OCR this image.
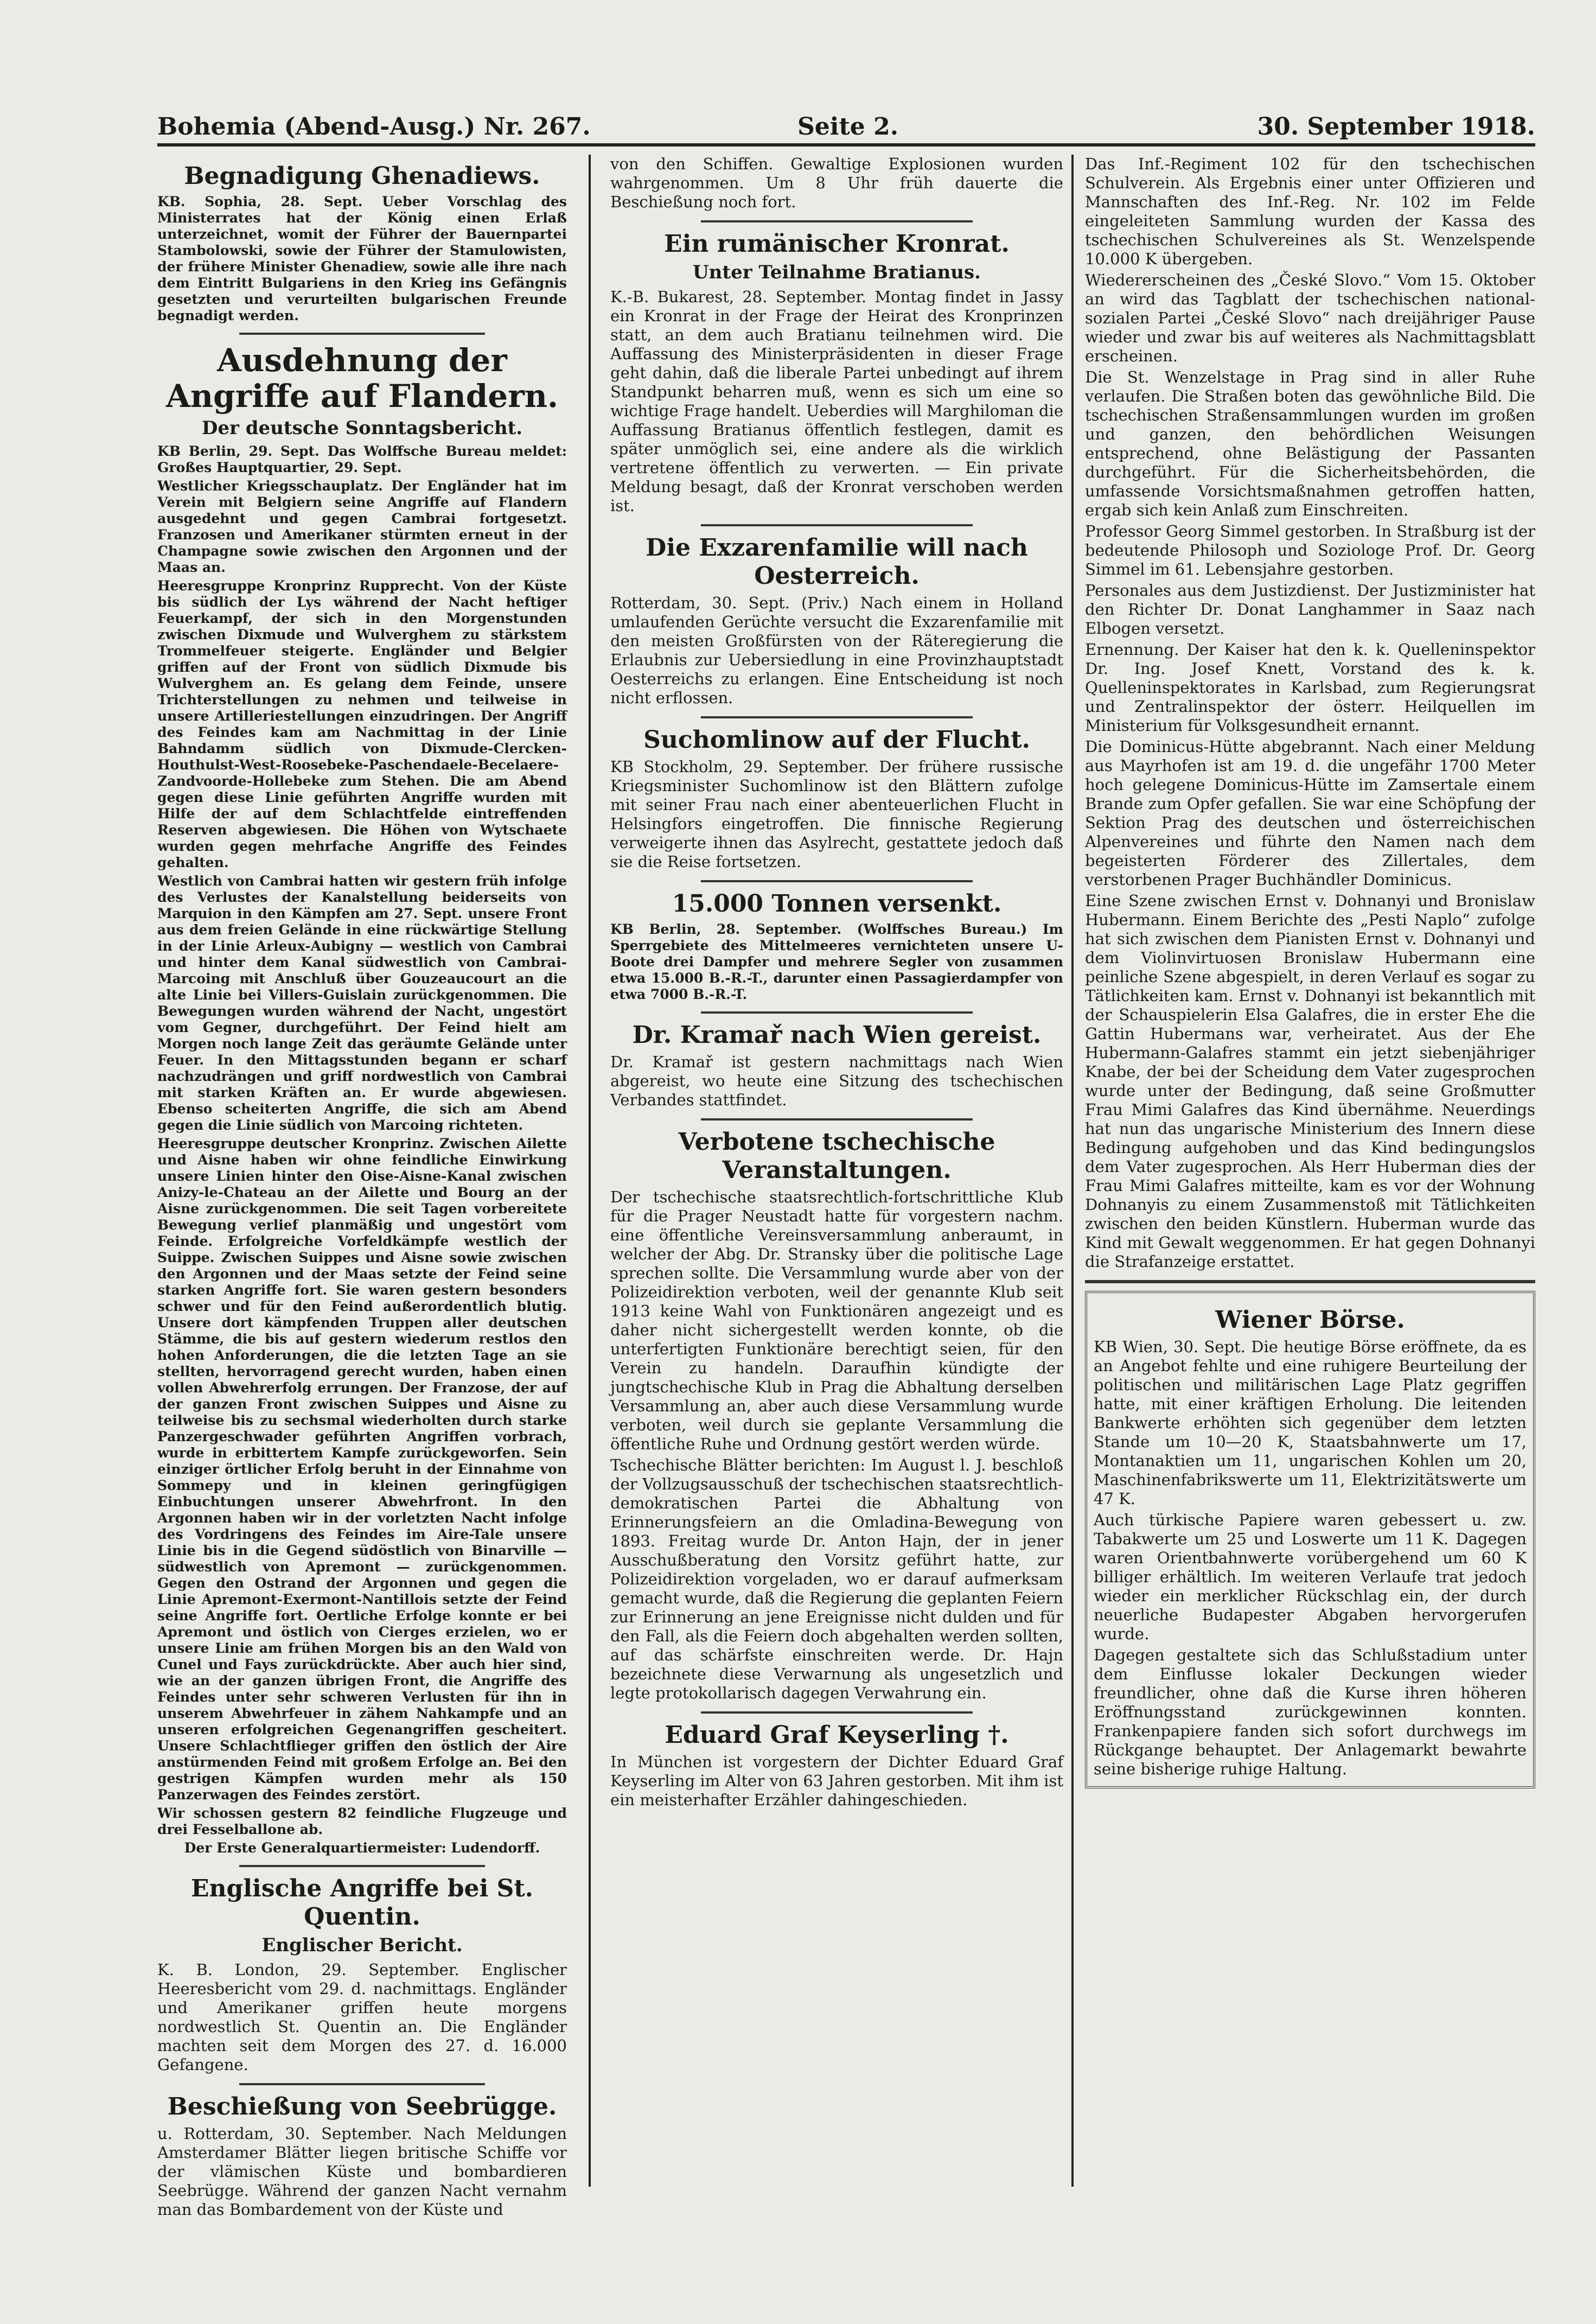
Bohemia (Abend-Ausg.) Nr. 267.	Seite 2.	30. September 1918.
Begnadigung Ghenadiews.

KB. Sophia, 28. Sept. Ueber Vorschlag des Ministerrates hat der König einen Erlaß unterzeichnet, womit der Führer der Bauernpartei Stambolowski, sowie der Führer der Stamulowisten, der frühere Minister Ghenadiew, sowie alle ihre nach dem Eintritt Bulgariens in den Krieg ins Gefängnis gesetzten und verurteilten bulgarischen Freunde begnadigt werden.

Ausdehnung der Angriffe auf Flandern.
Der deutsche Sonntagsbericht.

KB Berlin, 29. Sept. Das Wolffsche Bureau meldet: Großes Hauptquartier, 29. Sept.

Westlicher Kriegsschauplatz. Der Engländer hat im Verein mit Belgiern seine Angriffe auf Flandern ausgedehnt und gegen Cambrai fortgesetzt. Franzosen und Amerikaner stürmten erneut in der Champagne sowie zwischen den Argonnen und der Maas an.

Heeresgruppe Kronprinz Rupprecht. Von der Küste bis südlich der Lys während der Nacht heftiger Feuerkampf, der sich in den Morgenstunden zwischen Dixmude und Wulverghem zu stärkstem Trommelfeuer steigerte. Engländer und Belgier griffen auf der Front von südlich Dixmude bis Wulverghem an. Es gelang dem Feinde, unsere Trichterstellungen zu nehmen und teilweise in unsere Artilleriestellungen einzudringen. Der Angriff des Feindes kam am Nachmittag in der Linie Bahndamm südlich von Dixmude-Clercken-Houthulst-West-Roosebeke-Paschendaele-Becelaere-Zandvoorde-Hollebeke zum Stehen. Die am Abend gegen diese Linie geführten Angriffe wurden mit Hilfe der auf dem Schlachtfelde eintreffenden Reserven abgewiesen. Die Höhen von Wytschaete wurden gegen mehrfache Angriffe des Feindes gehalten.

Westlich von Cambrai hatten wir gestern früh infolge des Verlustes der Kanalstellung beiderseits von Marquion in den Kämpfen am 27. Sept. unsere Front aus dem freien Gelände in eine rückwärtige Stellung in der Linie Arleux-Aubigny — westlich von Cambrai und hinter dem Kanal südwestlich von Cambrai-Marcoing mit Anschluß über Gouzeaucourt an die alte Linie bei Villers-Guislain zurückgenommen. Die Bewegungen wurden während der Nacht, ungestört vom Gegner, durchgeführt. Der Feind hielt am Morgen noch lange Zeit das geräumte Gelände unter Feuer. In den Mittagsstunden begann er scharf nachzudrängen und griff nordwestlich von Cambrai mit starken Kräften an. Er wurde abgewiesen. Ebenso scheiterten Angriffe, die sich am Abend gegen die Linie südlich von Marcoing richteten.

Heeresgruppe deutscher Kronprinz. Zwischen Ailette und Aisne haben wir ohne feindliche Einwirkung unsere Linien hinter den Oise-Aisne-Kanal zwischen Anizy-le-Chateau an der Ailette und Bourg an der Aisne zurückgenommen. Die seit Tagen vorbereitete Bewegung verlief planmäßig und ungestört vom Feinde. Erfolgreiche Vorfeldkämpfe westlich der Suippe. Zwischen Suippes und Aisne sowie zwischen den Argonnen und der Maas setzte der Feind seine starken Angriffe fort. Sie waren gestern besonders schwer und für den Feind außerordentlich blutig. Unsere dort kämpfenden Truppen aller deutschen Stämme, die bis auf gestern wiederum restlos den hohen Anforderungen, die die letzten Tage an sie stellten, hervorragend gerecht wurden, haben einen vollen Abwehrerfolg errungen. Der Franzose, der auf der ganzen Front zwischen Suippes und Aisne zu teilweise bis zu sechsmal wiederholten durch starke Panzergeschwader geführten Angriffen vorbrach, wurde in erbittertem Kampfe zurückgeworfen. Sein einziger örtlicher Erfolg beruht in der Einnahme von Sommepy und in kleinen geringfügigen Einbuchtungen unserer Abwehrfront. In den Argonnen haben wir in der vorletzten Nacht infolge des Vordringens des Feindes im Aire-Tale unsere Linie bis in die Gegend südöstlich von Binarville — südwestlich von Apremont — zurückgenommen. Gegen den Ostrand der Argonnen und gegen die Linie Apremont-Exermont-Nantillois setzte der Feind seine Angriffe fort. Oertliche Erfolge konnte er bei Apremont und östlich von Cierges erzielen, wo er unsere Linie am frühen Morgen bis an den Wald von Cunel und Fays zurückdrückte. Aber auch hier sind, wie an der ganzen übrigen Front, die Angriffe des Feindes unter sehr schweren Verlusten für ihn in unserem Abwehrfeuer in zähem Nahkampfe und an unseren erfolgreichen Gegenangriffen gescheitert. Unsere Schlachtflieger griffen den östlich der Aire anstürmenden Feind mit großem Erfolge an. Bei den gestrigen Kämpfen wurden mehr als 150 Panzerwagen des Feindes zerstört.

Wir schossen gestern 82 feindliche Flugzeuge und drei Fesselballone ab.

Der Erste Generalquartiermeister: Ludendorff.

Englische Angriffe bei St. Quentin.
Englischer Bericht.

K. B. London, 29. September. Englischer Heeresbericht vom 29. d. nachmittags. Engländer und Amerikaner griffen heute morgens nordwestlich St. Quentin an. Die Engländer machten seit dem Morgen des 27. d. 16.000 Gefangene.

Beschießung von Seebrügge.

u. Rotterdam, 30. September. Nach Meldungen Amsterdamer Blätter liegen britische Schiffe vor der vlämischen Küste und bombardieren Seebrügge. Während der ganzen Nacht vernahm man das Bombardement von der Küste und

von den Schiffen. Gewaltige Explosionen wurden wahrgenommen. Um 8 Uhr früh dauerte die Beschießung noch fort.

Ein rumänischer Kronrat.
Unter Teilnahme Bratianus.

K.-B. Bukarest, 28. September. Montag findet in Jassy ein Kronrat in der Frage der Heirat des Kronprinzen statt, an dem auch Bratianu teilnehmen wird. Die Auffassung des Ministerpräsidenten in dieser Frage geht dahin, daß die liberale Partei unbedingt auf ihrem Standpunkt beharren muß, wenn es sich um eine so wichtige Frage handelt. Ueberdies will Marghiloman die Auffassung Bratianus öffentlich festlegen, damit es später unmöglich sei, eine andere als die wirklich vertretene öffentlich zu verwerten. — Ein private Meldung besagt, daß der Kronrat verschoben werden ist.

Die Exzarenfamilie will nach Oesterreich.

Rotterdam, 30. Sept. (Priv.) Nach einem in Holland umlaufenden Gerüchte versucht die Exzarenfamilie mit den meisten Großfürsten von der Räteregierung die Erlaubnis zur Uebersiedlung in eine Provinzhauptstadt Oesterreichs zu erlangen. Eine Entscheidung ist noch nicht erflossen.

Suchomlinow auf der Flucht.

KB Stockholm, 29. September. Der frühere russische Kriegsminister Suchomlinow ist den Blättern zufolge mit seiner Frau nach einer abenteuerlichen Flucht in Helsingfors eingetroffen. Die finnische Regierung verweigerte ihnen das Asylrecht, gestattete jedoch daß sie die Reise fortsetzen.

15.000 Tonnen versenkt.

KB Berlin, 28. September. (Wolffsches Bureau.) Im Sperrgebiete des Mittelmeeres vernichteten unsere U-Boote drei Dampfer und mehrere Segler von zusammen etwa 15.000 B.-R.-T., darunter einen Passagierdampfer von etwa 7000 B.-R.-T.

Dr. Kramař nach Wien gereist.

Dr. Kramař ist gestern nachmittags nach Wien abgereist, wo heute eine Sitzung des tschechischen Verbandes stattfindet.

Verbotene tschechische Veranstaltungen.

Der tschechische staatsrechtlich-fortschrittliche Klub für die Prager Neustadt hatte für vorgestern nachm. eine öffentliche Vereinsversammlung anberaumt, in welcher der Abg. Dr. Stransky über die politische Lage sprechen sollte. Die Versammlung wurde aber von der Polizeidirektion verboten, weil der genannte Klub seit 1913 keine Wahl von Funktionären angezeigt und es daher nicht sichergestellt werden konnte, ob die unterfertigten Funktionäre berechtigt seien, für den Verein zu handeln. Daraufhin kündigte der jungtschechische Klub in Prag die Abhaltung derselben Versammlung an, aber auch diese Versammlung wurde verboten, weil durch sie geplante Versammlung die öffentliche Ruhe und Ordnung gestört werden würde.

Tschechische Blätter berichten: Im August l. J. beschloß der Vollzugsausschuß der tschechischen staatsrechtlich-demokratischen Partei die Abhaltung von Erinnerungsfeiern an die Omladina-Bewegung von 1893. Freitag wurde Dr. Anton Hajn, der in jener Ausschußberatung den Vorsitz geführt hatte, zur Polizeidirektion vorgeladen, wo er darauf aufmerksam gemacht wurde, daß die Regierung die geplanten Feiern zur Erinnerung an jene Ereignisse nicht dulden und für den Fall, als die Feiern doch abgehalten werden sollten, auf das schärfste einschreiten werde. Dr. Hajn bezeichnete diese Verwarnung als ungesetzlich und legte protokollarisch dagegen Verwahrung ein.

Eduard Graf Keyserling †.

In München ist vorgestern der Dichter Eduard Graf Keyserling im Alter von 63 Jahren gestorben. Mit ihm ist ein meisterhafter Erzähler dahingeschieden.

Das Inf.-Regiment 102 für den tschechischen Schulverein. Als Ergebnis einer unter Offizieren und Mannschaften des Inf.-Reg. Nr. 102 im Felde eingeleiteten Sammlung wurden der Kassa des tschechischen Schulvereines als St. Wenzelspende 10.000 K übergeben.

Wiedererscheinen des „České Slovo.“ Vom 15. Oktober an wird das Tagblatt der tschechischen national-sozialen Partei „České Slovo“ nach dreijähriger Pause wieder und zwar bis auf weiteres als Nachmittagsblatt erscheinen.

Die St. Wenzelstage in Prag sind in aller Ruhe verlaufen. Die Straßen boten das gewöhnliche Bild. Die tschechischen Straßensammlungen wurden im großen und ganzen, den behördlichen Weisungen entsprechend, ohne Belästigung der Passanten durchgeführt. Für die Sicherheitsbehörden, die umfassende Vorsichtsmaßnahmen getroffen hatten, ergab sich kein Anlaß zum Einschreiten.

Professor Georg Simmel gestorben. In Straßburg ist der bedeutende Philosoph und Soziologe Prof. Dr. Georg Simmel im 61. Lebensjahre gestorben.

Personales aus dem Justizdienst. Der Justizminister hat den Richter Dr. Donat Langhammer in Saaz nach Elbogen versetzt.

Ernennung. Der Kaiser hat den k. k. Quelleninspektor Dr. Ing. Josef Knett, Vorstand des k. k. Quelleninspektorates in Karlsbad, zum Regierungsrat und Zentralinspektor der österr. Heilquellen im Ministerium für Volksgesundheit ernannt.

Die Dominicus-Hütte abgebrannt. Nach einer Meldung aus Mayrhofen ist am 19. d. die ungefähr 1700 Meter hoch gelegene Dominicus-Hütte im Zamsertale einem Brande zum Opfer gefallen. Sie war eine Schöpfung der Sektion Prag des deutschen und österreichischen Alpenvereines und führte den Namen nach dem begeisterten Förderer des Zillertales, dem verstorbenen Prager Buchhändler Dominicus.

Eine Szene zwischen Ernst v. Dohnanyi und Bronislaw Hubermann. Einem Berichte des „Pesti Naplo“ zufolge hat sich zwischen dem Pianisten Ernst v. Dohnanyi und dem Violinvirtuosen Bronislaw Hubermann eine peinliche Szene abgespielt, in deren Verlauf es sogar zu Tätlichkeiten kam. Ernst v. Dohnanyi ist bekanntlich mit der Schauspielerin Elsa Galafres, die in erster Ehe die Gattin Hubermans war, verheiratet. Aus der Ehe Hubermann-Galafres stammt ein jetzt siebenjähriger Knabe, der bei der Scheidung dem Vater zugesprochen wurde unter der Bedingung, daß seine Großmutter Frau Mimi Galafres das Kind übernähme. Neuerdings hat nun das ungarische Ministerium des Innern diese Bedingung aufgehoben und das Kind bedingungslos dem Vater zugesprochen. Als Herr Huberman dies der Frau Mimi Galafres mitteilte, kam es vor der Wohnung Dohnanyis zu einem Zusammenstoß mit Tätlichkeiten zwischen den beiden Künstlern. Huberman wurde das Kind mit Gewalt weggenommen. Er hat gegen Dohnanyi die Strafanzeige erstattet.

Wiener Börse.

KB Wien, 30. Sept. Die heutige Börse eröffnete, da es an Angebot fehlte und eine ruhigere Beurteilung der politischen und militärischen Lage Platz gegriffen hatte, mit einer kräftigen Erholung. Die leitenden Bankwerte erhöhten sich gegenüber dem letzten Stande um 10—20 K, Staatsbahnwerte um 17, Montanaktien um 11, ungarischen Kohlen um 20, Maschinenfabrikswerte um 11, Elektrizitätswerte um 47 K.

Auch türkische Papiere waren gebessert u. zw. Tabakwerte um 25 und Loswerte um 11 K. Dagegen waren Orientbahnwerte vorübergehend um 60 K billiger erhältlich. Im weiteren Verlaufe trat jedoch wieder ein merklicher Rückschlag ein, der durch neuerliche Budapester Abgaben hervorgerufen wurde.

Dagegen gestaltete sich das Schlußstadium unter dem Einflusse lokaler Deckungen wieder freundlicher, ohne daß die Kurse ihren höheren Eröffnungsstand zurückgewinnen konnten. Frankenpapiere fanden sich sofort durchwegs im Rückgange behauptet. Der Anlagemarkt bewahrte seine bisherige ruhige Haltung.
